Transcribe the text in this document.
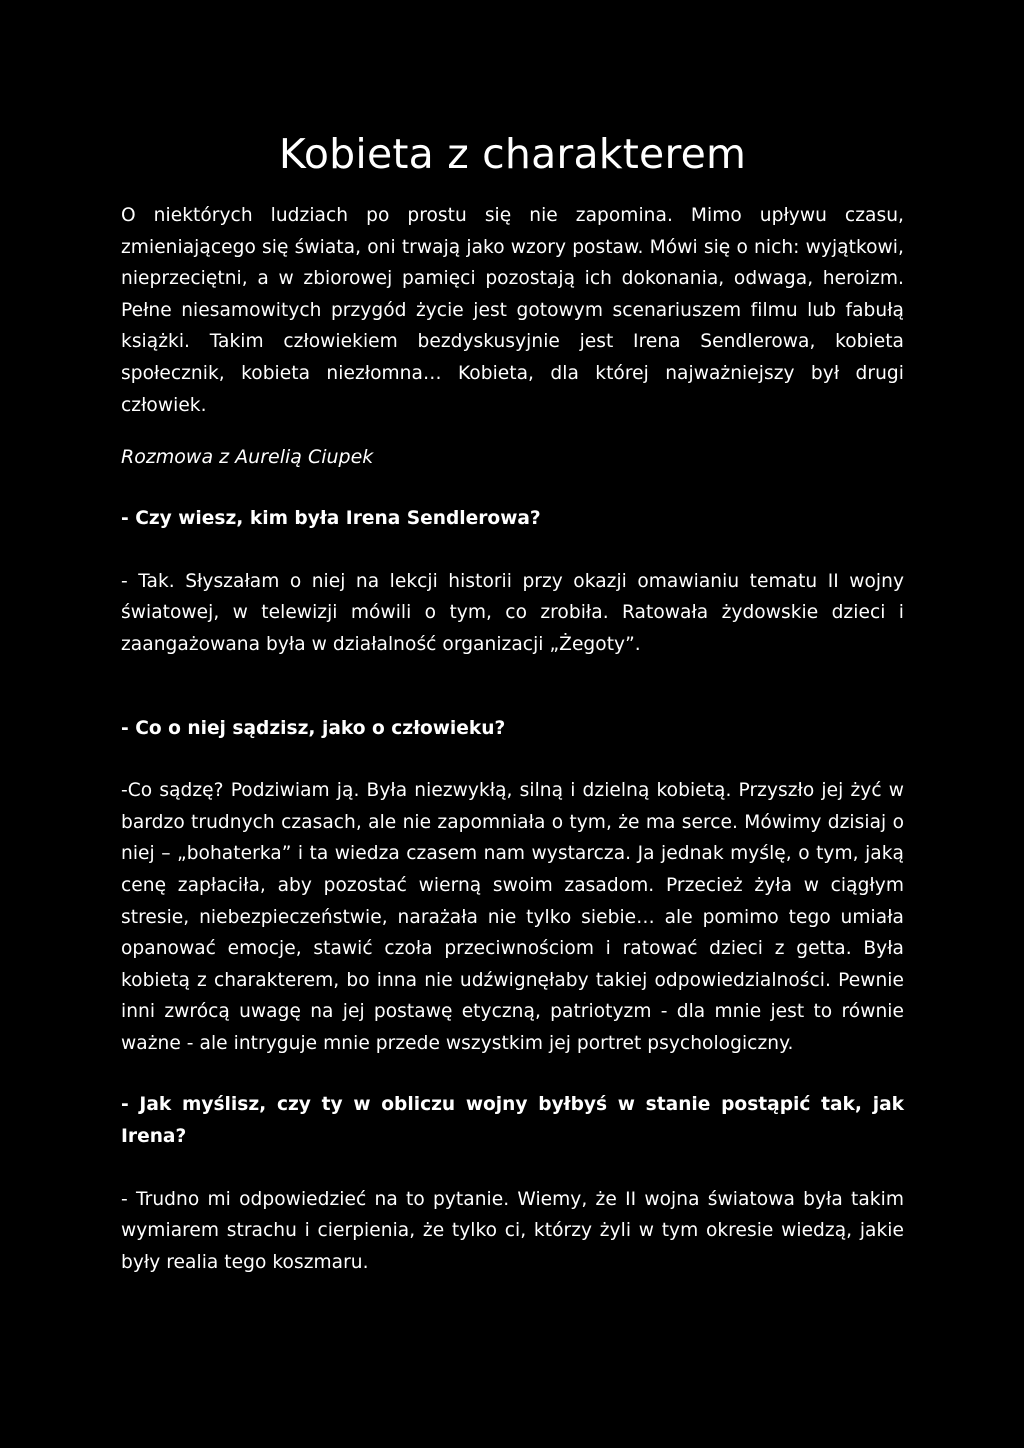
Kobieta z charakterem

O niektórych ludziach po prostu się nie zapomina. Mimo upływu czasu, zmieniającego się świata, oni trwają jako wzory postaw. Mówi się o nich: wyjątkowi, nieprzeciętni, a w zbiorowej pamięci pozostają ich dokonania, odwaga, heroizm. Pełne niesamowitych przygód życie jest gotowym scenariuszem filmu lub fabułą książki. Takim człowiekiem bezdyskusyjnie jest Irena Sendlerowa, kobieta społecznik, kobieta niezłomna… Kobieta, dla której najważniejszy był drugi człowiek.

Rozmowa z Aurelią Ciupek

- Czy wiesz, kim była Irena Sendlerowa?

- Tak. Słyszałam o niej na lekcji historii przy okazji omawianiu tematu II wojny światowej, w telewizji mówili o tym, co zrobiła. Ratowała żydowskie dzieci i zaangażowana była w działalność organizacji „Żegoty”.

- Co o niej sądzisz, jako o człowieku?

-Co sądzę? Podziwiam ją. Była niezwykłą, silną i dzielną kobietą. Przyszło jej żyć w bardzo trudnych czasach, ale nie zapomniała o tym, że ma serce. Mówimy dzisiaj o niej – „bohaterka” i ta wiedza czasem nam wystarcza. Ja jednak myślę, o tym, jaką cenę zapłaciła, aby pozostać wierną swoim zasadom. Przecież żyła w ciągłym stresie, niebezpieczeństwie, narażała nie tylko siebie… ale pomimo tego umiała opanować emocje, stawić czoła przeciwnościom i ratować dzieci z getta. Była kobietą z charakterem, bo inna nie udźwignęłaby takiej odpowiedzialności. Pewnie inni zwrócą uwagę na jej postawę etyczną, patriotyzm - dla mnie jest to równie ważne - ale intryguje mnie przede wszystkim jej portret psychologiczny.

- Jak myślisz, czy ty w obliczu wojny byłbyś w stanie postąpić tak, jak Irena?

- Trudno mi odpowiedzieć na to pytanie. Wiemy, że II wojna światowa była takim wymiarem strachu i cierpienia, że tylko ci, którzy żyli w tym okresie wiedzą, jakie były realia tego koszmaru.
